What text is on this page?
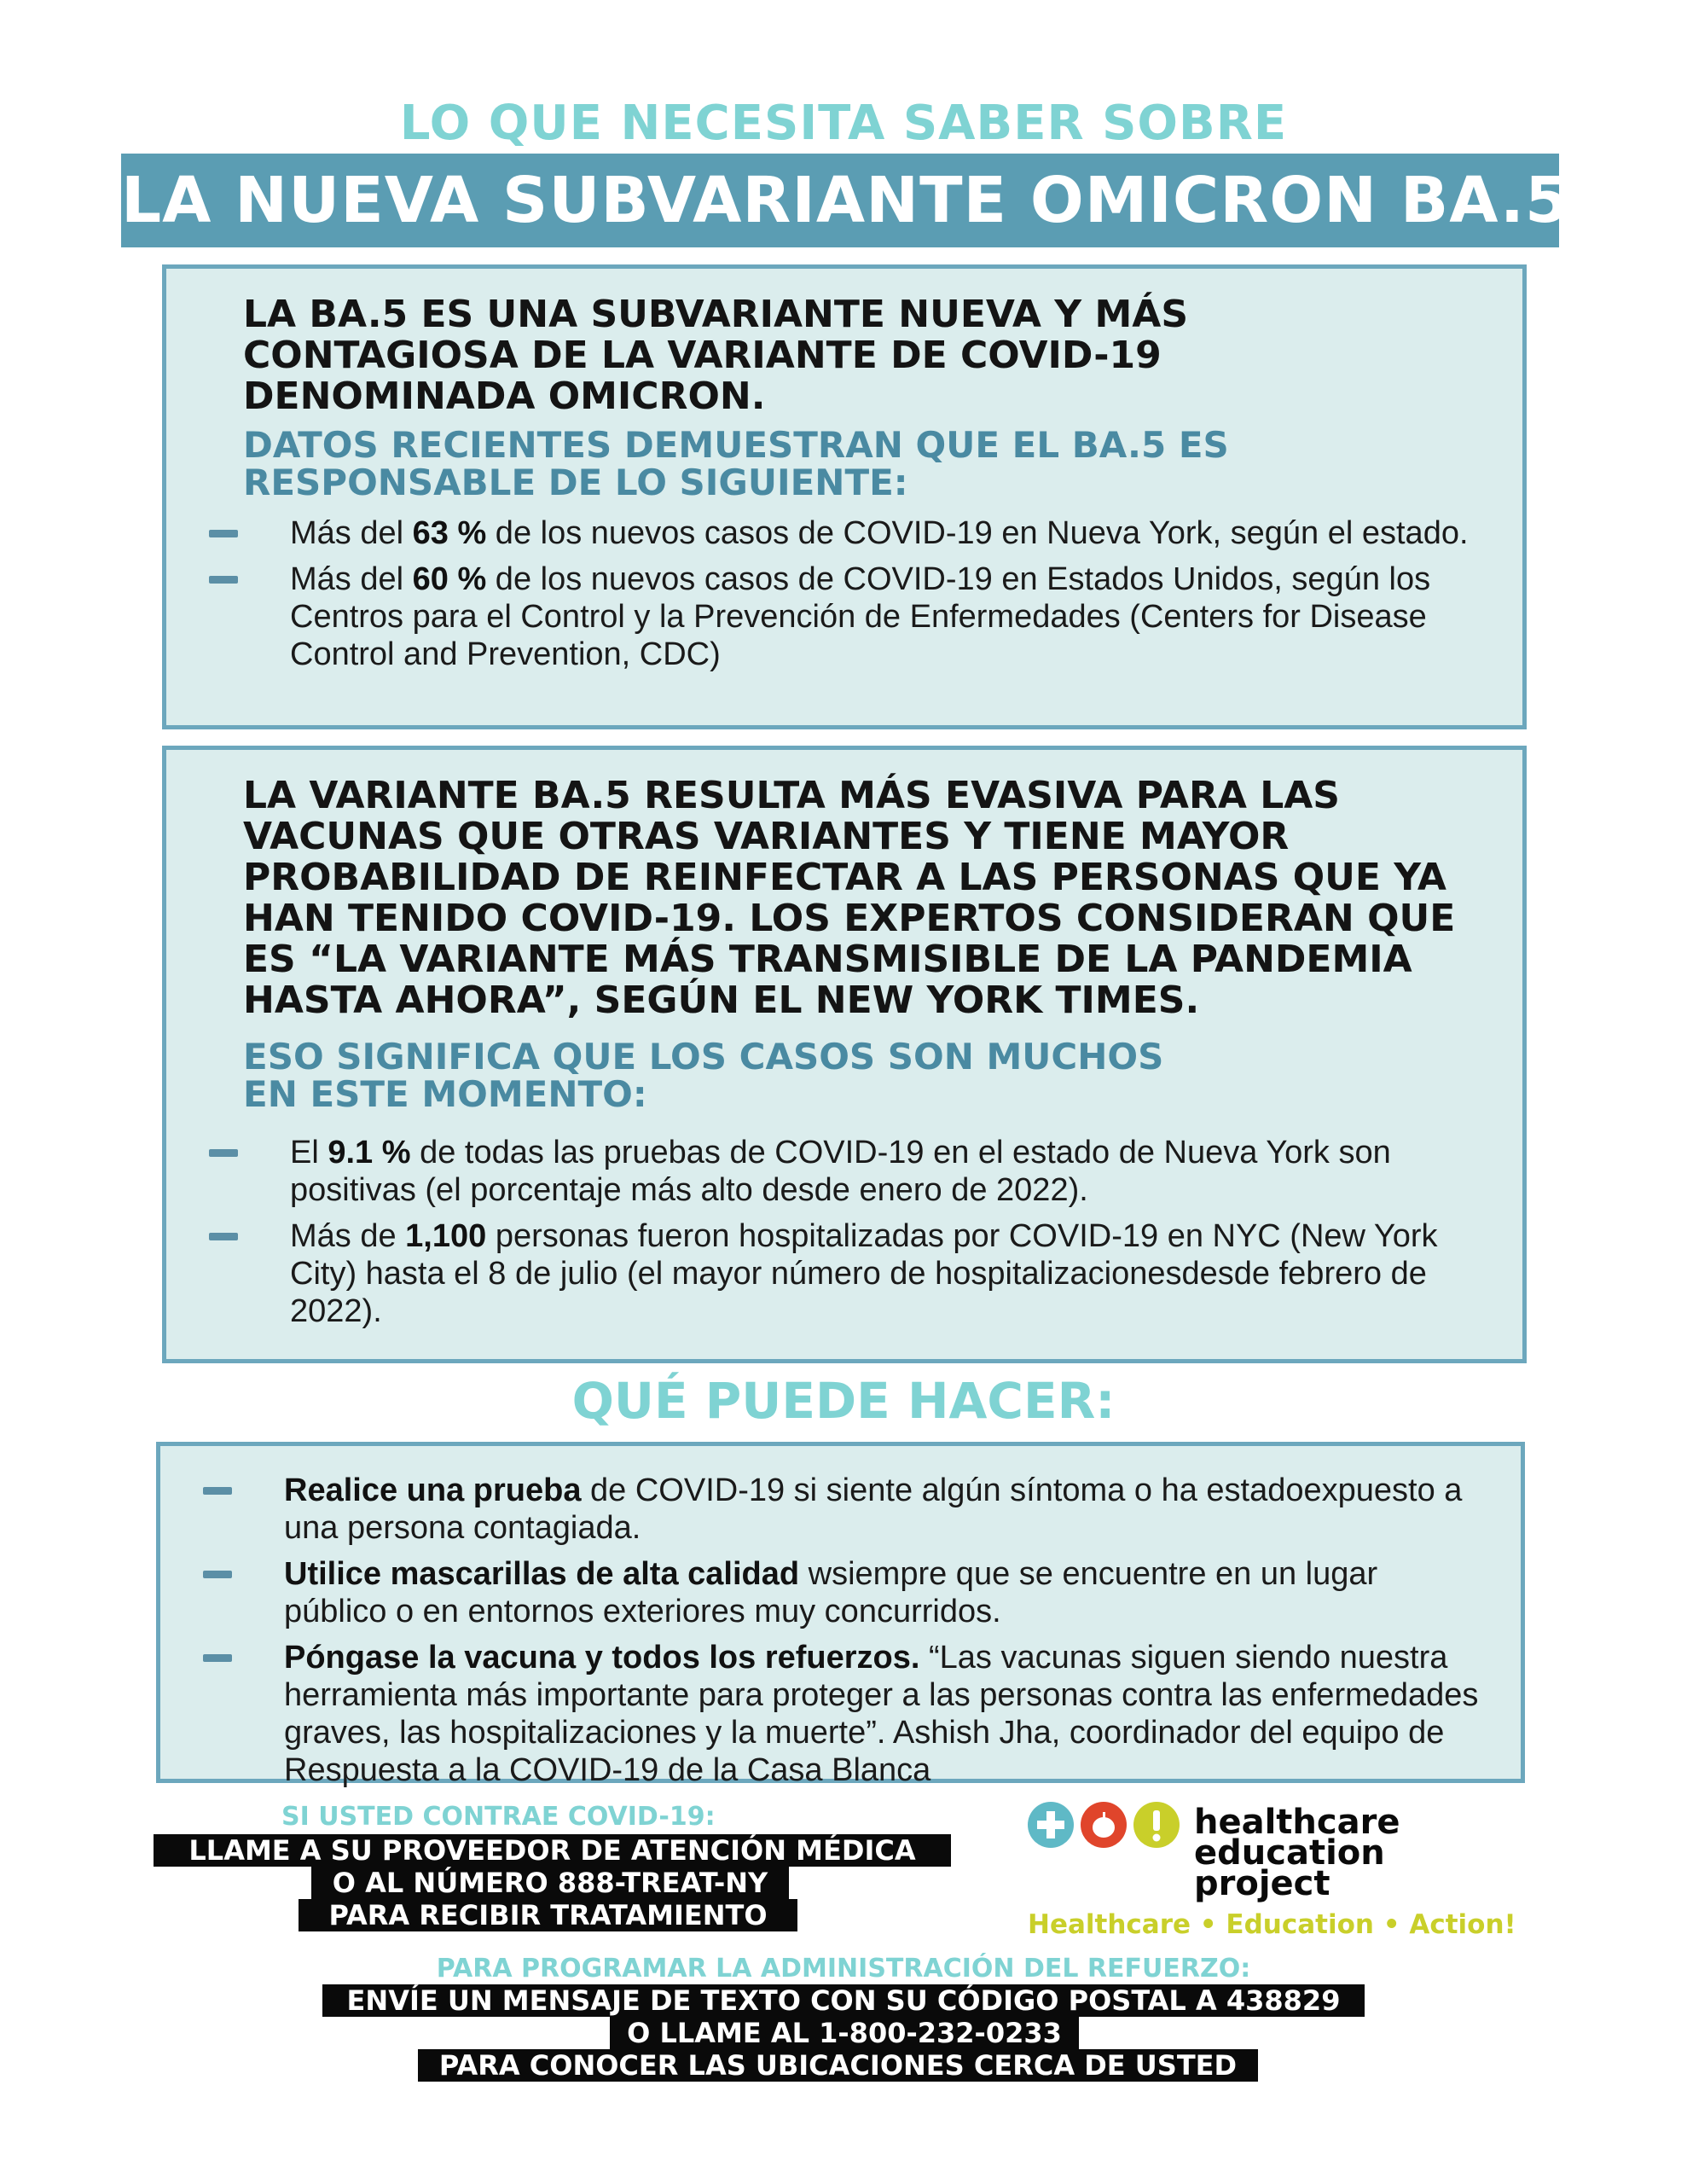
LO QUE NECESITA SABER SOBRE
LA NUEVA SUBVARIANTE OMICRON BA.5
LA BA.5 ES UNA SUBVARIANTE NUEVA Y MÁS
CONTAGIOSA DE LA VARIANTE DE COVID-19
DENOMINADA OMICRON.
DATOS RECIENTES DEMUESTRAN QUE EL BA.5 ES
RESPONSABLE DE LO SIGUIENTE:
Más del 63 % de los nuevos casos de COVID-19 en Nueva York, según el estado.
Más del 60 % de los nuevos casos de COVID-19 en Estados Unidos, según los Centros para el Control y la Prevención de Enfermedades (Centers for Disease Control and Prevention, CDC)
LA VARIANTE BA.5 RESULTA MÁS EVASIVA PARA LAS
VACUNAS QUE OTRAS VARIANTES Y TIENE MAYOR
PROBABILIDAD DE REINFECTAR A LAS PERSONAS QUE YA
HAN TENIDO COVID-19. LOS EXPERTOS CONSIDERAN QUE
ES “LA VARIANTE MÁS TRANSMISIBLE DE LA PANDEMIA
HASTA AHORA”, SEGÚN EL NEW YORK TIMES.
ESO SIGNIFICA QUE LOS CASOS SON MUCHOS
EN ESTE MOMENTO:
El 9.1 % de todas las pruebas de COVID-19 en el estado de Nueva York son positivas (el porcentaje más alto desde enero de 2022).
Más de 1,100 personas fueron hospitalizadas por COVID-19 en NYC (New York City) hasta el 8 de julio (el mayor número de hospitalizacionesdesde febrero de 2022).
QUÉ PUEDE HACER:
Realice una prueba de COVID-19 si siente algún síntoma o ha estadoexpuesto a una persona contagiada.
Utilice mascarillas de alta calidad wsiempre que se encuentre en un lugar público o en entornos exteriores muy concurridos.
Póngase la vacuna y todos los refuerzos. “Las vacunas siguen siendo nuestra herramienta más importante para proteger a las personas contra las enfermedades graves, las hospitalizaciones y la muerte”. Ashish Jha, coordinador del equipo de Respuesta a la COVID-19 de la Casa Blanca
SI USTED CONTRAE COVID-19:
LLAME A SU PROVEEDOR DE ATENCIÓN MÉDICA
O AL NÚMERO 888-TREAT-NY
PARA RECIBIR TRATAMIENTO
healthcare
education
project
Healthcare • Education • Action!
PARA PROGRAMAR LA ADMINISTRACIÓN DEL REFUERZO:
ENVÍE UN MENSAJE DE TEXTO CON SU CÓDIGO POSTAL A 438829
O LLAME AL 1-800-232-0233
PARA CONOCER LAS UBICACIONES CERCA DE USTED
